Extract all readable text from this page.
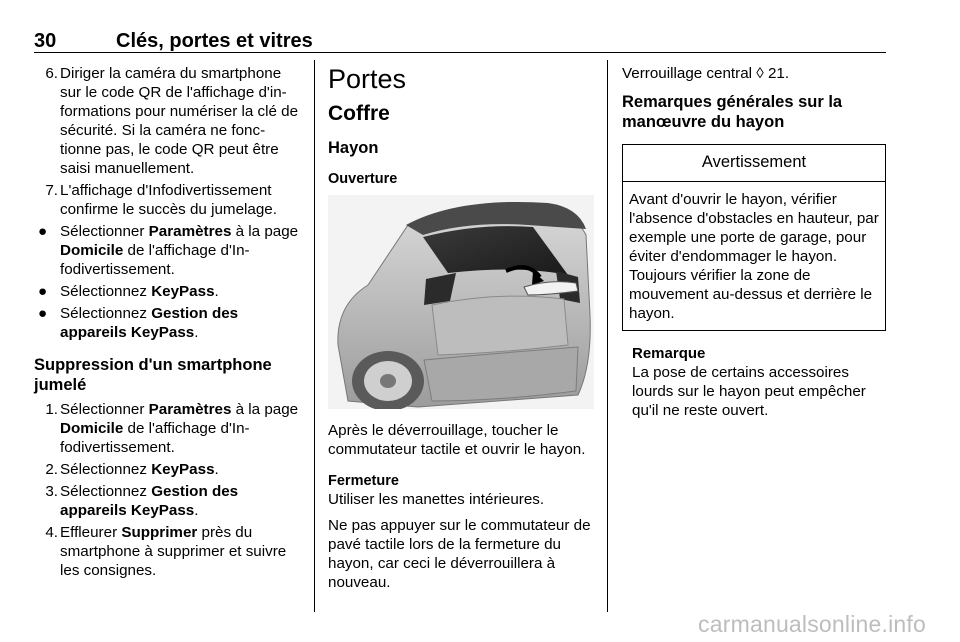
30	Clés, portes et vitres
6. Diriger la caméra du smartphone sur le code QR de l'affichage d'informations pour numériser la clé de sécurité. Si la caméra ne fonctionne pas, le code QR peut être saisi manuellement.
7. L'affichage d'Infodivertissement confirme le succès du jumelage.
● Sélectionner Paramètres à la page Domicile de l'affichage d'Infodivertissement.
● Sélectionnez KeyPass.
● Sélectionnez Gestion des appareils KeyPass.
Suppression d'un smartphone jumelé
1. Sélectionner Paramètres à la page Domicile de l'affichage d'Infodivertissement.
2. Sélectionnez KeyPass.
3. Sélectionnez Gestion des appareils KeyPass.
4. Effleurer Supprimer près du smartphone à supprimer et suivre les consignes.
Portes
Coffre
Hayon
Ouverture

Après le déverrouillage, toucher le commutateur tactile et ouvrir le hayon.

Fermeture

Utiliser les manettes intérieures.

Ne pas appuyer sur le commutateur de pavé tactile lors de la fermeture du hayon, car ceci le déverrouillera à nouveau.

Verrouillage central ◊ 21.

Remarques générales sur la manœuvre du hayon
Avertissement
Avant d'ouvrir le hayon, vérifier l'absence d'obstacles en hauteur, par exemple une porte de garage, pour éviter d'endommager le hayon. Toujours vérifier la zone de mouvement au-dessus et derrière le hayon.
Remarque
La pose de certains accessoires lourds sur le hayon peut empêcher qu'il ne reste ouvert.
carmanualsonline.info
